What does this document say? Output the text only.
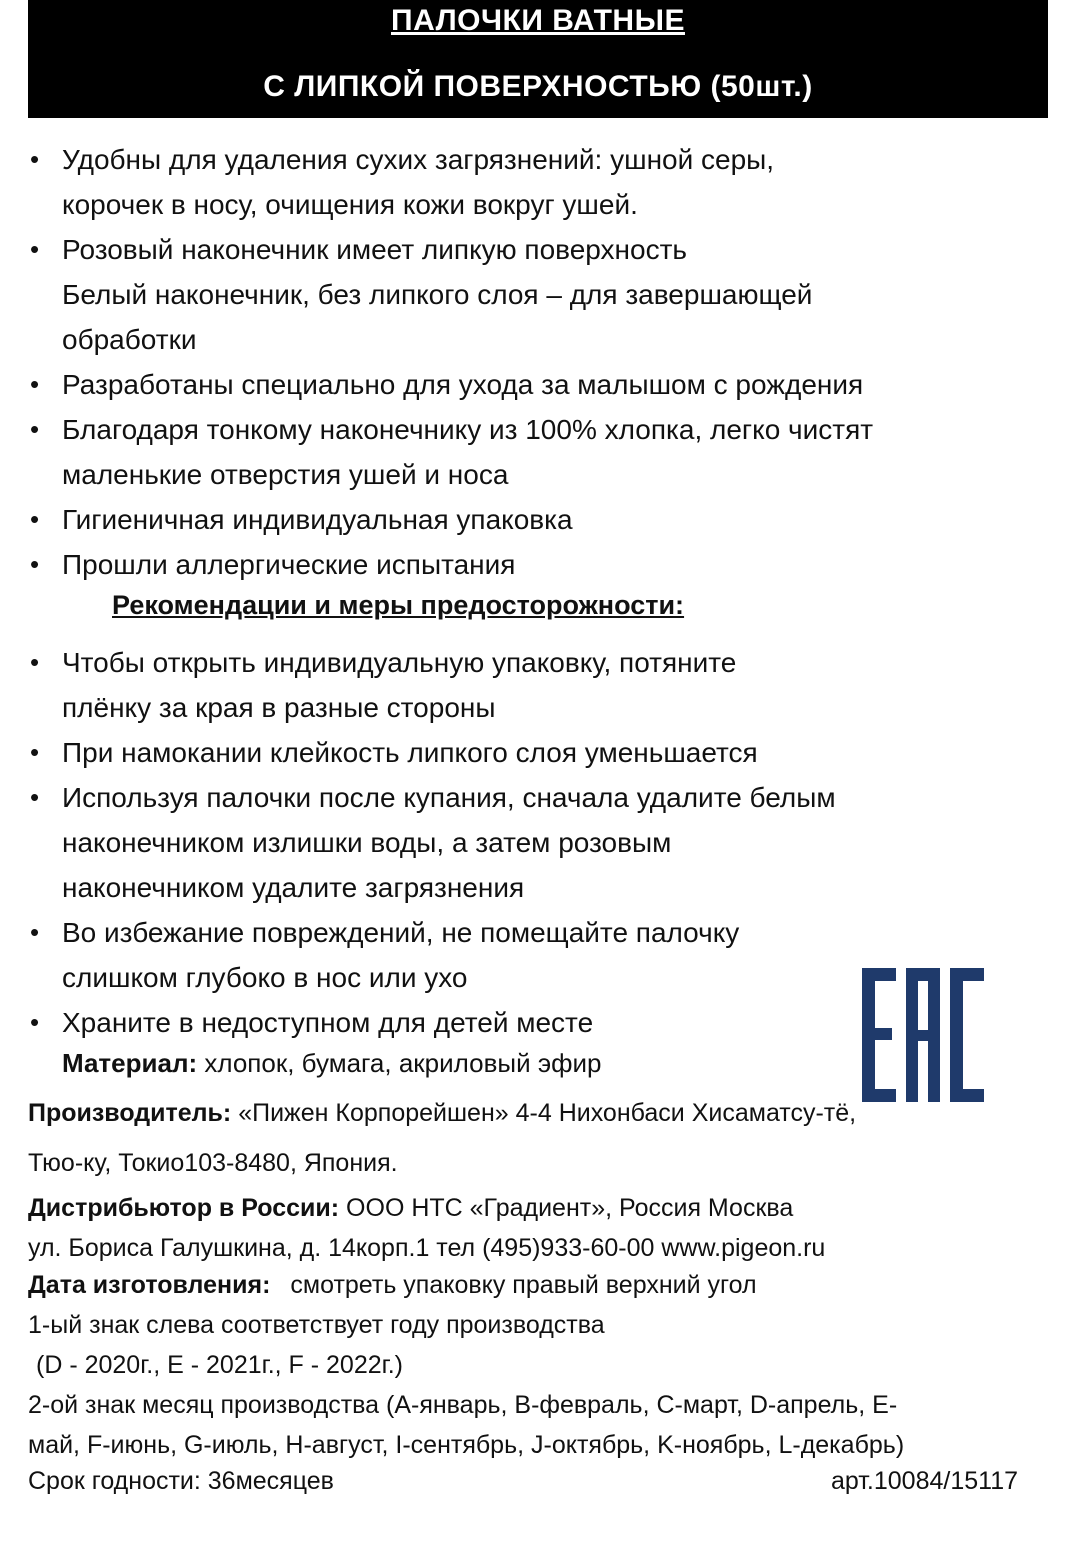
ПАЛОЧКИ ВАТНЫЕ
С ЛИПКОЙ ПОВЕРХНОСТЬЮ (50шт.)
• Удобны для удаления сухих загрязнений: ушной серы,
корочек в носу, очищения кожи вокруг ушей.
• Розовый наконечник имеет липкую поверхность
Белый наконечник, без липкого слоя – для завершающей
обработки
• Разработаны специально для ухода за малышом с рождения
• Благодаря тонкому наконечнику из 100% хлопка, легко чистят
маленькие отверстия ушей и носа
• Гигиеничная индивидуальная упаковка
• Прошли аллергические испытания
Рекомендации и меры предосторожности:
• Чтобы открыть индивидуальную упаковку, потяните
плёнку за края в разные стороны
• При намокании клейкость липкого слоя уменьшается
• Используя палочки после купания, сначала удалите белым
наконечником излишки воды, а затем розовым
наконечником удалите загрязнения
• Во избежание повреждений, не помещайте палочку
слишком глубоко в нос или ухо
• Храните в недоступном для детей месте
Материал: хлопок, бумага, акриловый эфир
Производитель: «Пижен Корпорейшен» 4-4 Нихонбаси Хисаматсу-тё,
Тюо-ку, Токио103-8480, Япония.
Дистрибьютор в России: ООО НТС «Градиент», Россия Москва
ул. Бориса Галушкина, д. 14корп.1 тел (495)933-60-00 www.pigeon.ru
Дата изготовления: смотреть упаковку правый верхний угол
1-ый знак слева соответствует году производства
(D - 2020г., E - 2021г., F - 2022г.)
2-ой знак месяц производства (A-январь, B-февраль, C-март, D-апрель, E-
май, F-июнь, G-июль, H-август, I-сентябрь, J-октябрь, K-ноябрь, L-декабрь)
Срок годности: 36месяцев	арт.10084/15117
